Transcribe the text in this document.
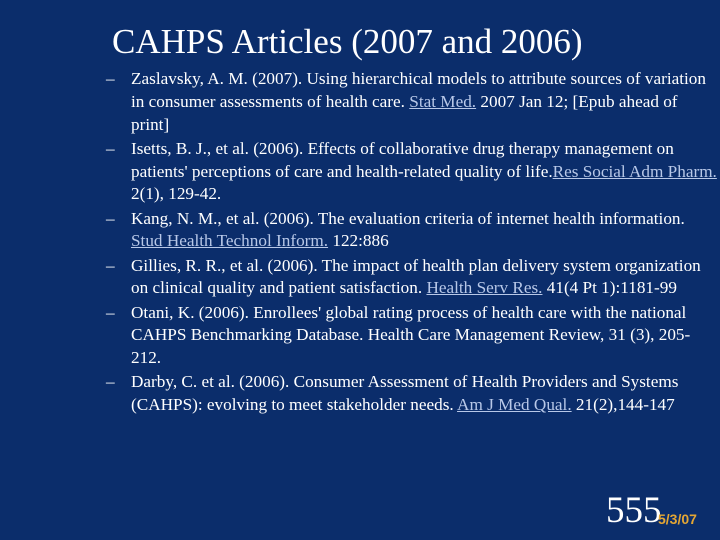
CAHPS Articles (2007 and 2006)
– Zaslavsky, A. M. (2007). Using hierarchical models to attribute sources of variation in consumer assessments of health care. Stat Med. 2007 Jan 12; [Epub ahead of print]
– Isetts, B. J., et al. (2006). Effects of collaborative drug therapy management on patients' perceptions of care and health-related quality of life.Res Social Adm Pharm. 2(1), 129-42.
– Kang, N. M., et al. (2006). The evaluation criteria of internet health information. Stud Health Technol Inform. 122:886
– Gillies, R. R., et al. (2006). The impact of health plan delivery system organization on clinical quality and patient satisfaction. Health Serv Res. 41(4 Pt 1):1181-99
– Otani, K. (2006). Enrollees' global rating process of health care with the national CAHPS Benchmarking Database. Health Care Management Review, 31 (3), 205-212.
– Darby, C. et al. (2006). Consumer Assessment of Health Providers and Systems (CAHPS): evolving to meet stakeholder needs. Am J Med Qual. 21(2),144-147
555
5/3/07
